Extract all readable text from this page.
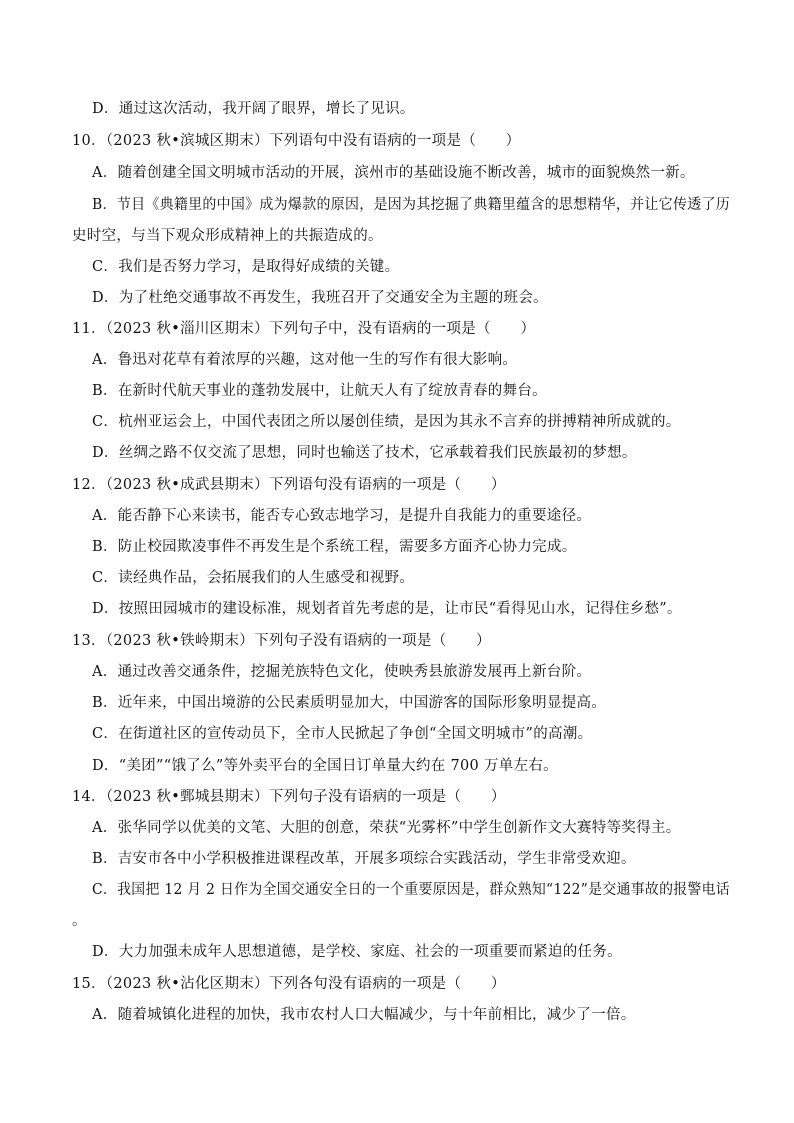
D．通过这次活动，我开阔了眼界，增长了见识。
10．（2023 秋•滨城区期末）下列语句中没有语病的一项是（　　）
A．随着创建全国文明城市活动的开展，滨州市的基础设施不断改善，城市的面貌焕然一新。
B．节目《典籍里的中国》成为爆款的原因，是因为其挖掘了典籍里蕴含的思想精华，并让它传透了历
史时空，与当下观众形成精神上的共振造成的。
C．我们是否努力学习，是取得好成绩的关键。
D．为了杜绝交通事故不再发生，我班召开了交通安全为主题的班会。
11．（2023 秋•淄川区期末）下列句子中，没有语病的一项是（　　）
A．鲁迅对花草有着浓厚的兴趣，这对他一生的写作有很大影响。
B．在新时代航天事业的蓬勃发展中，让航天人有了绽放青春的舞台。
C．杭州亚运会上，中国代表团之所以屡创佳绩，是因为其永不言弃的拼搏精神所成就的。
D．丝绸之路不仅交流了思想，同时也输送了技术，它承载着我们民族最初的梦想。
12．（2023 秋•成武县期末）下列语句没有语病的一项是（　　）
A．能否静下心来读书，能否专心致志地学习，是提升自我能力的重要途径。
B．防止校园欺凌事件不再发生是个系统工程，需要多方面齐心协力完成。
C．读经典作品，会拓展我们的人生感受和视野。
D．按照田园城市的建设标准，规划者首先考虑的是，让市民“看得见山水，记得住乡愁”。
13．（2023 秋•铁岭期末）下列句子没有语病的一项是（　　）
A．通过改善交通条件，挖掘羌族特色文化，使映秀县旅游发展再上新台阶。
B．近年来，中国出境游的公民素质明显加大，中国游客的国际形象明显提高。
C．在街道社区的宣传动员下，全市人民掀起了争创“全国文明城市”的高潮。
D．“美团”“饿了么”等外卖平台的全国日订单量大约在 700 万单左右。
14．（2023 秋•鄄城县期末）下列句子没有语病的一项是（　　）
A．张华同学以优美的文笔、大胆的创意，荣获“光雾杯”中学生创新作文大赛特等奖得主。
B．吉安市各中小学积极推进课程改革，开展多项综合实践活动，学生非常受欢迎。
C．我国把 12 月 2 日作为全国交通安全日的一个重要原因是，群众熟知“122”是交通事故的报警电话
。
D．大力加强未成年人思想道德，是学校、家庭、社会的一项重要而紧迫的任务。
15．（2023 秋•沾化区期末）下列各句没有语病的一项是（　　）
A．随着城镇化进程的加快，我市农村人口大幅减少，与十年前相比，减少了一倍。
